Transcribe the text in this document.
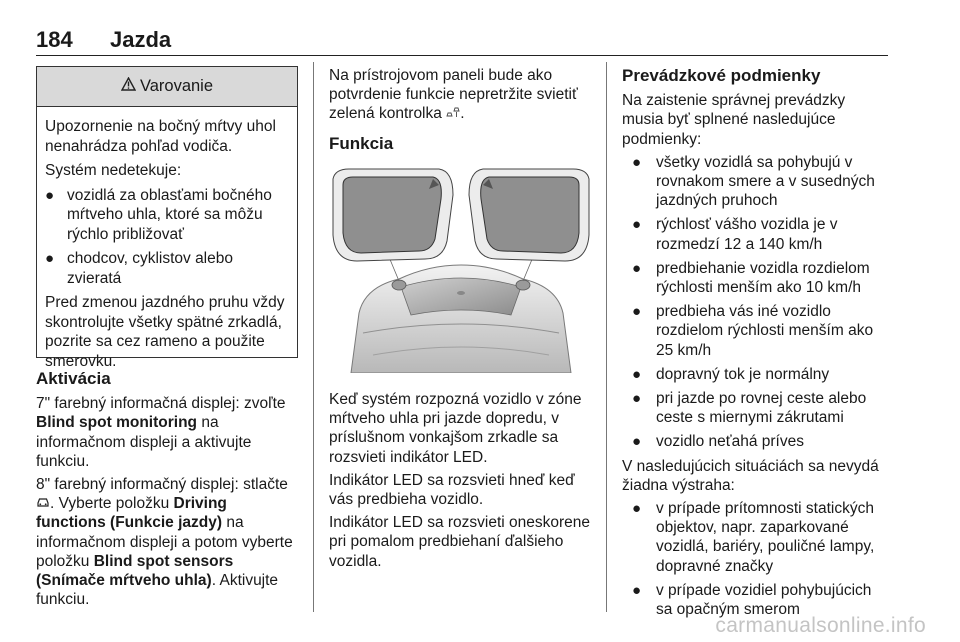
184 Jazda
Varovanie

Upozornenie na bočný mŕtvy uhol nenahrádza pohľad vodiča.

Systém nedetekuje:

● vozidlá za oblasťami bočného mŕtveho uhla, ktoré sa môžu rýchlo približovať
● chodcov, cyklistov alebo zvieratá

Pred zmenou jazdného pruhu vždy skontrolujte všetky spätné zrkadlá, pozrite sa cez rameno a použite smerovku.

Aktivácia

7" farebný informačná displej: zvoľte Blind spot monitoring na informačnom displeji a aktivujte funkciu.

8" farebný informačný displej: stlačte . Vyberte položku Driving functions (Funkcie jazdy) na informačnom displeji a potom vyberte položku Blind spot sensors (Snímače mŕtveho uhla). Aktivujte funkciu.

Na prístrojovom paneli bude ako potvrdenie funkcie nepretržite svietiť zelená kontrolka .
Funkcia

Keď systém rozpozná vozidlo v zóne mŕtveho uhla pri jazde dopredu, v príslušnom vonkajšom zrkadle sa rozsvieti indikátor LED.

Indikátor LED sa rozsvieti hneď keď vás predbieha vozidlo.

Indikátor LED sa rozsvieti oneskorene pri pomalom predbiehaní ďalšieho vozidla.

Prevádzkové podmienky

Na zaistenie správnej prevádzky musia byť splnené nasledujúce podmienky:

● všetky vozidlá sa pohybujú v rovnakom smere a v susedných jazdných pruhoch
● rýchlosť vášho vozidla je v rozmedzí 12 a 140 km/h
● predbiehanie vozidla rozdielom rýchlosti menším ako 10 km/h
● predbieha vás iné vozidlo rozdielom rýchlosti menším ako 25 km/h
● dopravný tok je normálny
● pri jazde po rovnej ceste alebo ceste s miernymi zákrutami
● vozidlo neťahá príves

V nasledujúcich situáciách sa nevydá žiadna výstraha:

● v prípade prítomnosti statických objektov, napr. zaparkované vozidlá, bariéry, pouličné lampy, dopravné značky
● v prípade vozidiel pohybujúcich sa opačným smerom
carmanualsonline.info
